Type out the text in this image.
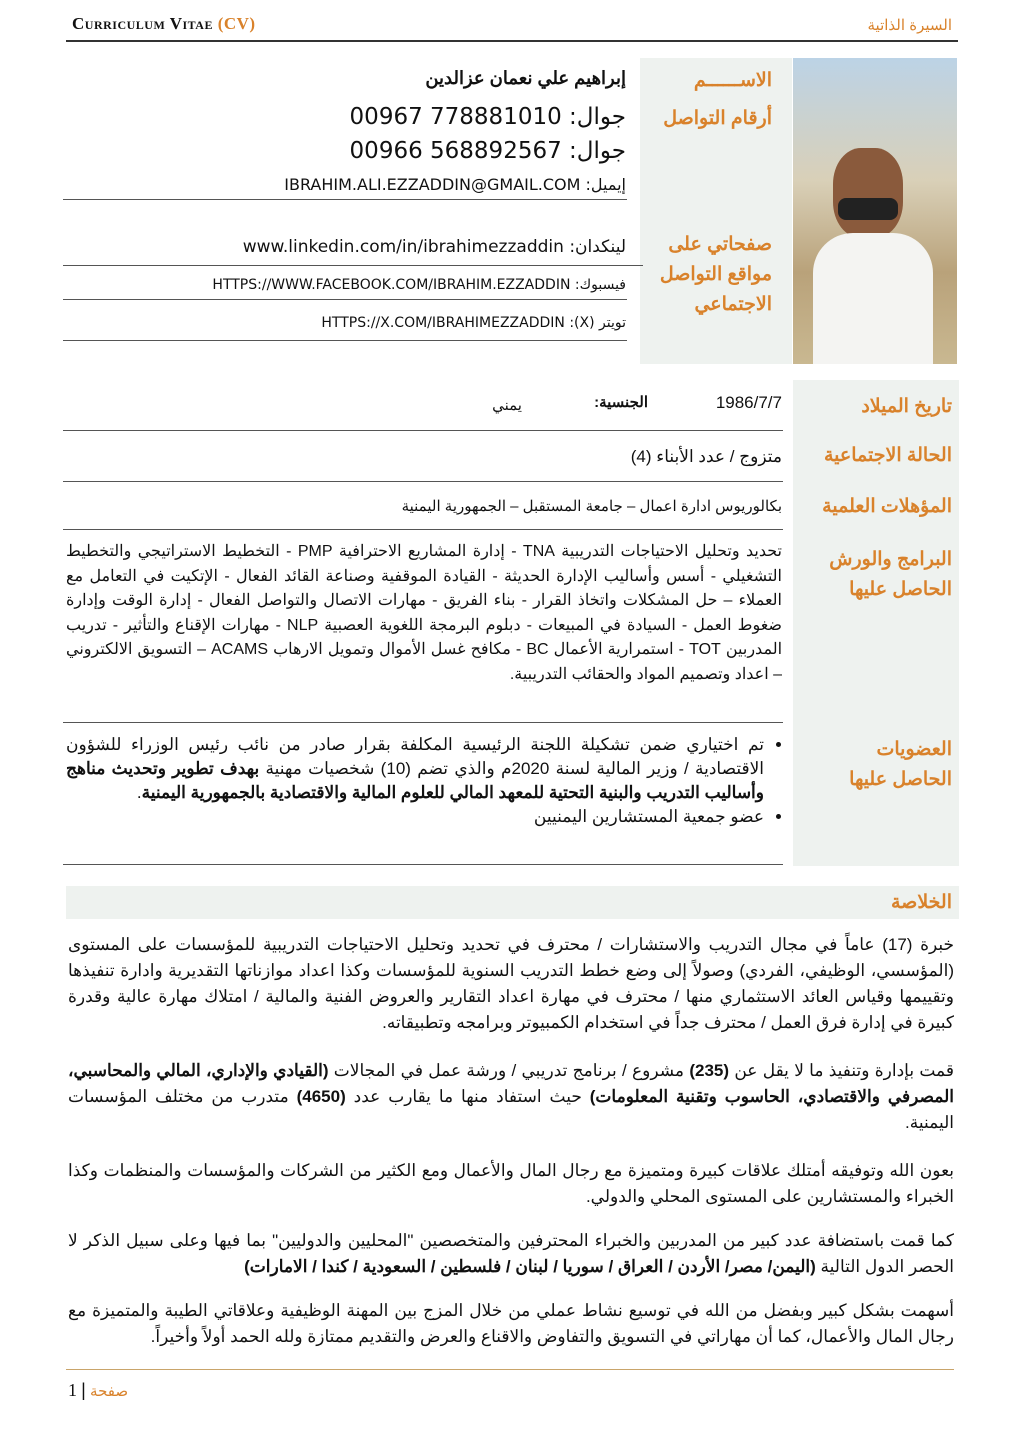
Curriculum Vitae (CV)	السيرة الذاتية
الاســــــم
أرقام التواصل
صفحاتي على مواقع التواصل الاجتماعي
إبراهيم علي نعمان عزالدين
جوال: 00967 778881010
جوال: 00966 568892567
إيميل: IBRAHIM.ALI.EZZADDIN@GMAIL.COM
لينكدان: www.linkedin.com/in/ibrahimezzaddin
فيسبوك: HTTPS://WWW.FACEBOOK.COM/IBRAHIM.EZZADDIN
تويتر (X): HTTPS://X.COM/IBRAHIMEZZADDIN
تاريخ الميلاد
1986/7/7
الجنسية:
يمني
الحالة الاجتماعية
متزوج / عدد الأبناء (4)
المؤهلات العلمية
بكالوريوس ادارة اعمال – جامعة المستقبل – الجمهورية اليمنية
البرامج والورش الحاصل عليها
تحديد وتحليل الاحتياجات التدريبية TNA - إدارة المشاريع الاحترافية PMP - التخطيط الاستراتيجي والتخطيط التشغيلي - أسس وأساليب الإدارة الحديثة - القيادة الموقفية وصناعة القائد الفعال - الإتكيت في التعامل مع العملاء – حل المشكلات واتخاذ القرار - بناء الفريق - مهارات الاتصال والتواصل الفعال - إدارة الوقت وإدارة ضغوط العمل - السيادة في المبيعات - دبلوم البرمجة اللغوية العصبية NLP - مهارات الإقناع والتأثير - تدريب المدربين TOT - استمرارية الأعمال BC - مكافح غسل الأموال وتمويل الارهاب ACAMS – التسويق الالكتروني – اعداد وتصميم المواد والحقائب التدريبية.
العضويات الحاصل عليها
• تم اختياري ضمن تشكيلة اللجنة الرئيسية المكلفة بقرار صادر من نائب رئيس الوزراء للشؤون الاقتصادية / وزير المالية لسنة 2020م والذي تضم (10) شخصيات مهنية بهدف تطوير وتحديث مناهج وأساليب التدريب والبنية التحتية للمعهد المالي للعلوم المالية والاقتصادية بالجمهورية اليمنية.
• عضو جمعية المستشارين اليمنيين
الخلاصة
خبرة (17) عاماً في مجال التدريب والاستشارات / محترف في تحديد وتحليل الاحتياجات التدريبية للمؤسسات على المستوى (المؤسسي، الوظيفي، الفردي) وصولاً إلى وضع خطط التدريب السنوية للمؤسسات وكذا اعداد موازناتها التقديرية وادارة تنفيذها وتقييمها وقياس العائد الاستثماري منها / محترف في مهارة اعداد التقارير والعروض الفنية والمالية / امتلاك مهارة عالية وقدرة كبيرة في إدارة فرق العمل / محترف جداً في استخدام الكمبيوتر وبرامجه وتطبيقاته.
قمت بإدارة وتنفيذ ما لا يقل عن (235) مشروع / برنامج تدريبي / ورشة عمل في المجالات (القيادي والإداري، المالي والمحاسبي، المصرفي والاقتصادي، الحاسوب وتقنية المعلومات) حيث استفاد منها ما يقارب عدد (4650) متدرب من مختلف المؤسسات اليمنية.
بعون الله وتوفيقه أمتلك علاقات كبيرة ومتميزة مع رجال المال والأعمال ومع الكثير من الشركات والمؤسسات والمنظمات وكذا الخبراء والمستشارين على المستوى المحلي والدولي.
كما قمت باستضافة عدد كبير من المدربين والخبراء المحترفين والمتخصصين "المحليين والدوليين" بما فيها وعلى سبيل الذكر لا الحصر الدول التالية (اليمن/ مصر/ الأردن / العراق / سوريا / لبنان / فلسطين / السعودية / كندا / الامارات)
أسهمت بشكل كبير وبفضل من الله في توسيع نشاط عملي من خلال المزج بين المهنة الوظيفية وعلاقاتي الطيبة والمتميزة مع رجال المال والأعمال، كما أن مهاراتي في التسويق والتفاوض والاقناع والعرض والتقديم ممتازة ولله الحمد أولاً وأخيراً.
صفحة | 1
